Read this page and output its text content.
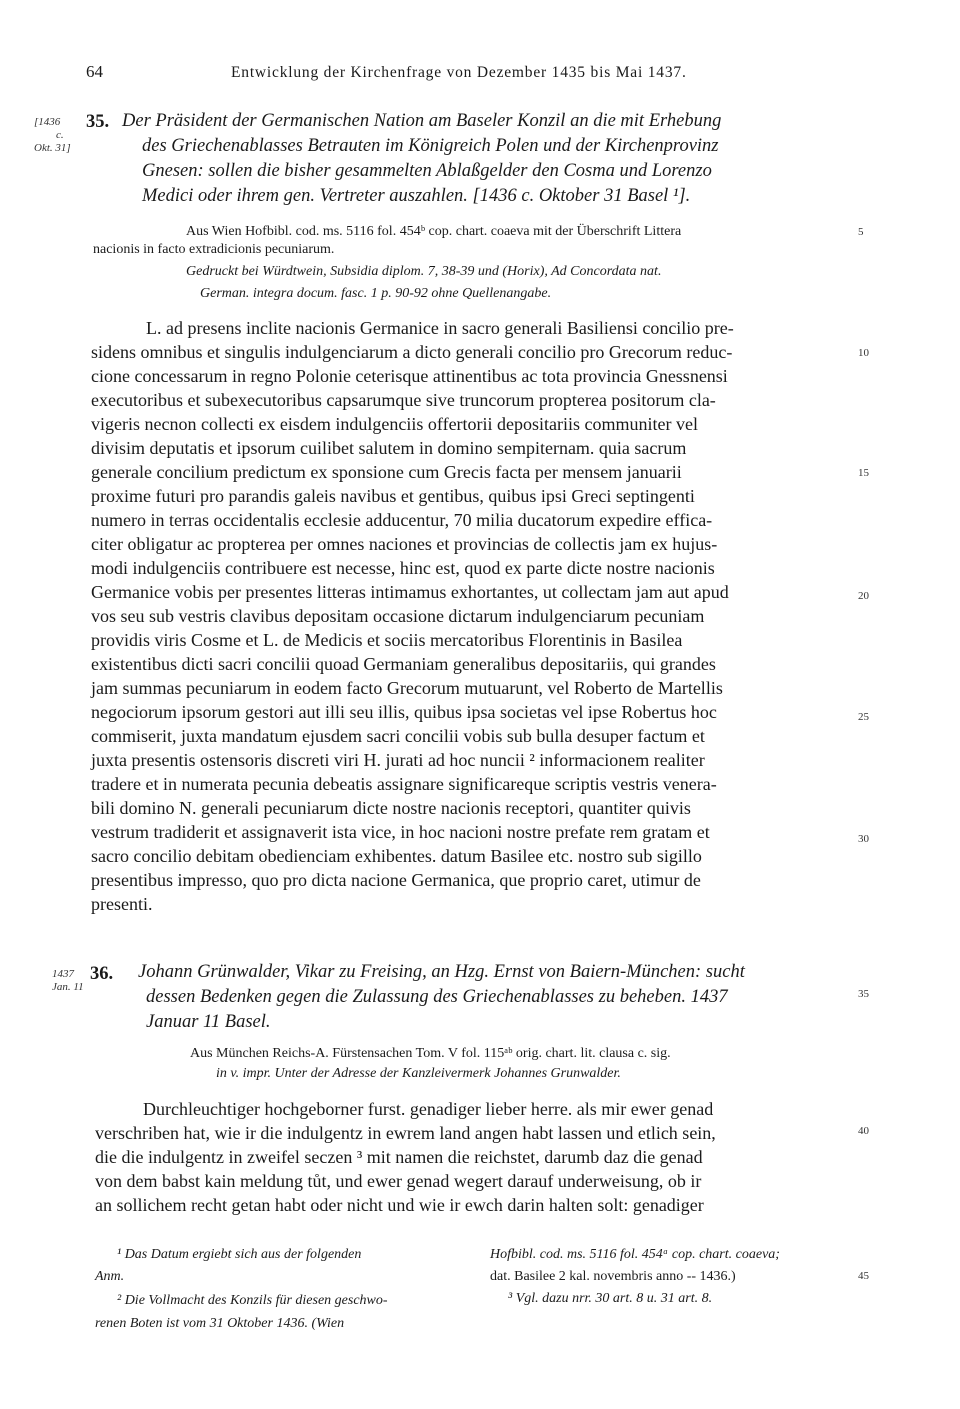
64	Entwicklung der Kirchenfrage von Dezember 1435 bis Mai 1437.
[1436
c.
Okt. 31]
35. Der Präsident der Germanischen Nation am Baseler Konzil an die mit Erhebung
des Griechenablasses Betrauten im Königreich Polen und der Kirchenprovinz
Gnesen: sollen die bisher gesammelten Ablaßgelder den Cosma und Lorenzo
Medici oder ihrem gen. Vertreter auszahlen. [1436 c. Oktober 31 Basel ¹].
Aus Wien Hofbibl. cod. ms. 5116 fol. 454ᵇ cop. chart. coaeva mit der Überschrift Littera
nacionis in facto extradicionis pecuniarum.
Gedruckt bei Würdtwein, Subsidia diplom. 7, 38-39 und (Horix), Ad Concordata nat.
German. integra docum. fasc. 1 p. 90-92 ohne Quellenangabe.
L. ad presens inclite nacionis Germanice in sacro generali Basiliensi concilio pre-
sidens omnibus et singulis indulgenciarum a dicto generali concilio pro Grecorum reduc-
cione concessarum in regno Polonie ceterisque attinentibus ac tota provincia Gnessnensi
executoribus et subexecutoribus capsarumque sive truncorum propterea positorum cla-
vigeris necnon collecti ex eisdem indulgenciis offertorii depositariis communiter vel
divisim deputatis et ipsorum cuilibet salutem in domino sempiternam. quia sacrum
generale concilium predictum ex sponsione cum Grecis facta per mensem januarii
proxime futuri pro parandis galeis navibus et gentibus, quibus ipsi Greci septingenti
numero in terras occidentalis ecclesie adducentur, 70 milia ducatorum expedire effica-
citer obligatur ac propterea per omnes naciones et provincias de collectis jam ex hujus-
modi indulgenciis contribuere est necesse, hinc est, quod ex parte dicte nostre nacionis
Germanice vobis per presentes litteras intimamus exhortantes, ut collectam jam aut apud
vos seu sub vestris clavibus depositam occasione dictarum indulgenciarum pecuniam
providis viris Cosme et L. de Medicis et sociis mercatoribus Florentinis in Basilea
existentibus dicti sacri concilii quoad Germaniam generalibus depositariis, qui grandes
jam summas pecuniarum in eodem facto Grecorum mutuarunt, vel Roberto de Martellis
negociorum ipsorum gestori aut illi seu illis, quibus ipsa societas vel ipse Robertus hoc
commiserit, juxta mandatum ejusdem sacri concilii vobis sub bulla desuper factum et
juxta presentis ostensoris discreti viri H. jurati ad hoc nuncii ² informacionem realiter
tradere et in numerata pecunia debeatis assignare significareque scriptis vestris venera-
bili domino N. generali pecuniarum dicte nostre nacionis receptori, quantiter quivis
vestrum tradiderit et assignaverit ista vice, in hoc nacioni nostre prefate rem gratam et
sacro concilio debitam obedienciam exhibentes. datum Basilee etc. nostro sub sigillo
presentibus impresso, quo pro dicta nacione Germanica, que proprio caret, utimur de
presenti.
1437
Jan. 11
36. Johann Grünwalder, Vikar zu Freising, an Hzg. Ernst von Baiern-München: sucht
dessen Bedenken gegen die Zulassung des Griechenablasses zu beheben. 1437
Januar 11 Basel.
Aus München Reichs-A. Fürstensachen Tom. V fol. 115ᵃᵇ orig. chart. lit. clausa c. sig.
in v. impr. Unter der Adresse der Kanzleivermerk Johannes Grunwalder.
Durchleuchtiger hochgeborner furst. genadiger lieber herre. als mir ewer genad
verschriben hat, wie ir die indulgentz in ewrem land angen habt lassen und etlich sein,
die die indulgentz in zweifel seczen ³ mit namen die reichstet, darumb daz die genad
von dem babst kain meldung tůt, und ewer genad wegert darauf underweisung, ob ir
an sollichem recht getan habt oder nicht und wie ir ewch darin halten solt: genadiger
5
10
15
20
25
30
35
40
45
¹ Das Datum ergiebt sich aus der folgenden
Anm.
² Die Vollmacht des Konzils für diesen geschwo-
renen Boten ist vom 31 Oktober 1436. (Wien
Hofbibl. cod. ms. 5116 fol. 454ᵃ cop. chart. coaeva;
dat. Basilee 2 kal. novembris anno -- 1436.)
³ Vgl. dazu nrr. 30 art. 8 u. 31 art. 8.
